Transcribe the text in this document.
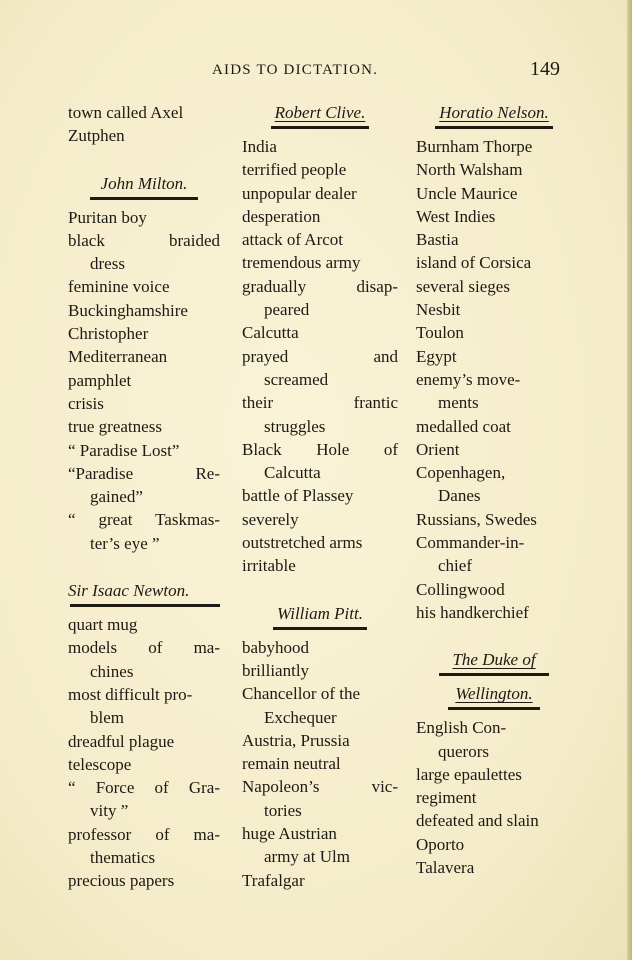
AIDS TO DICTATION.	149
town called Axel
Zutphen
John Milton.
Puritan boy
black braided
dress
feminine voice
Buckinghamshire
Christopher
Mediterranean
pamphlet
crisis
true greatness
“ Paradise Lost”
“Paradise Re-
gained”
“ great Taskmas-
ter’s eye ”
Sir Isaac Newton.
quart mug
models of ma-
chines
most difficult pro-
blem
dreadful plague
telescope
“ Force of Gra-
vity ”
professor of ma-
thematics
precious papers
Robert Clive.
India
terrified people
unpopular dealer
desperation
attack of Arcot
tremendous army
gradually disap-
peared
Calcutta
prayed and
screamed
their frantic
struggles
Black Hole of
Calcutta
battle of Plassey
severely
outstretched arms
irritable
William Pitt.
babyhood
brilliantly
Chancellor of the
Exchequer
Austria, Prussia
remain neutral
Napoleon’s vic-
tories
huge Austrian
army at Ulm
Trafalgar
Horatio Nelson.
Burnham Thorpe
North Walsham
Uncle Maurice
West Indies
Bastia
island of Corsica
several sieges
Nesbit
Toulon
Egypt
enemy’s move-
ments
medalled coat
Orient
Copenhagen,
Danes
Russians, Swedes
Commander-in-
chief
Collingwood
his handkerchief
The Duke of
Wellington.
English Con-
querors
large epaulettes
regiment
defeated and slain
Oporto
Talavera
